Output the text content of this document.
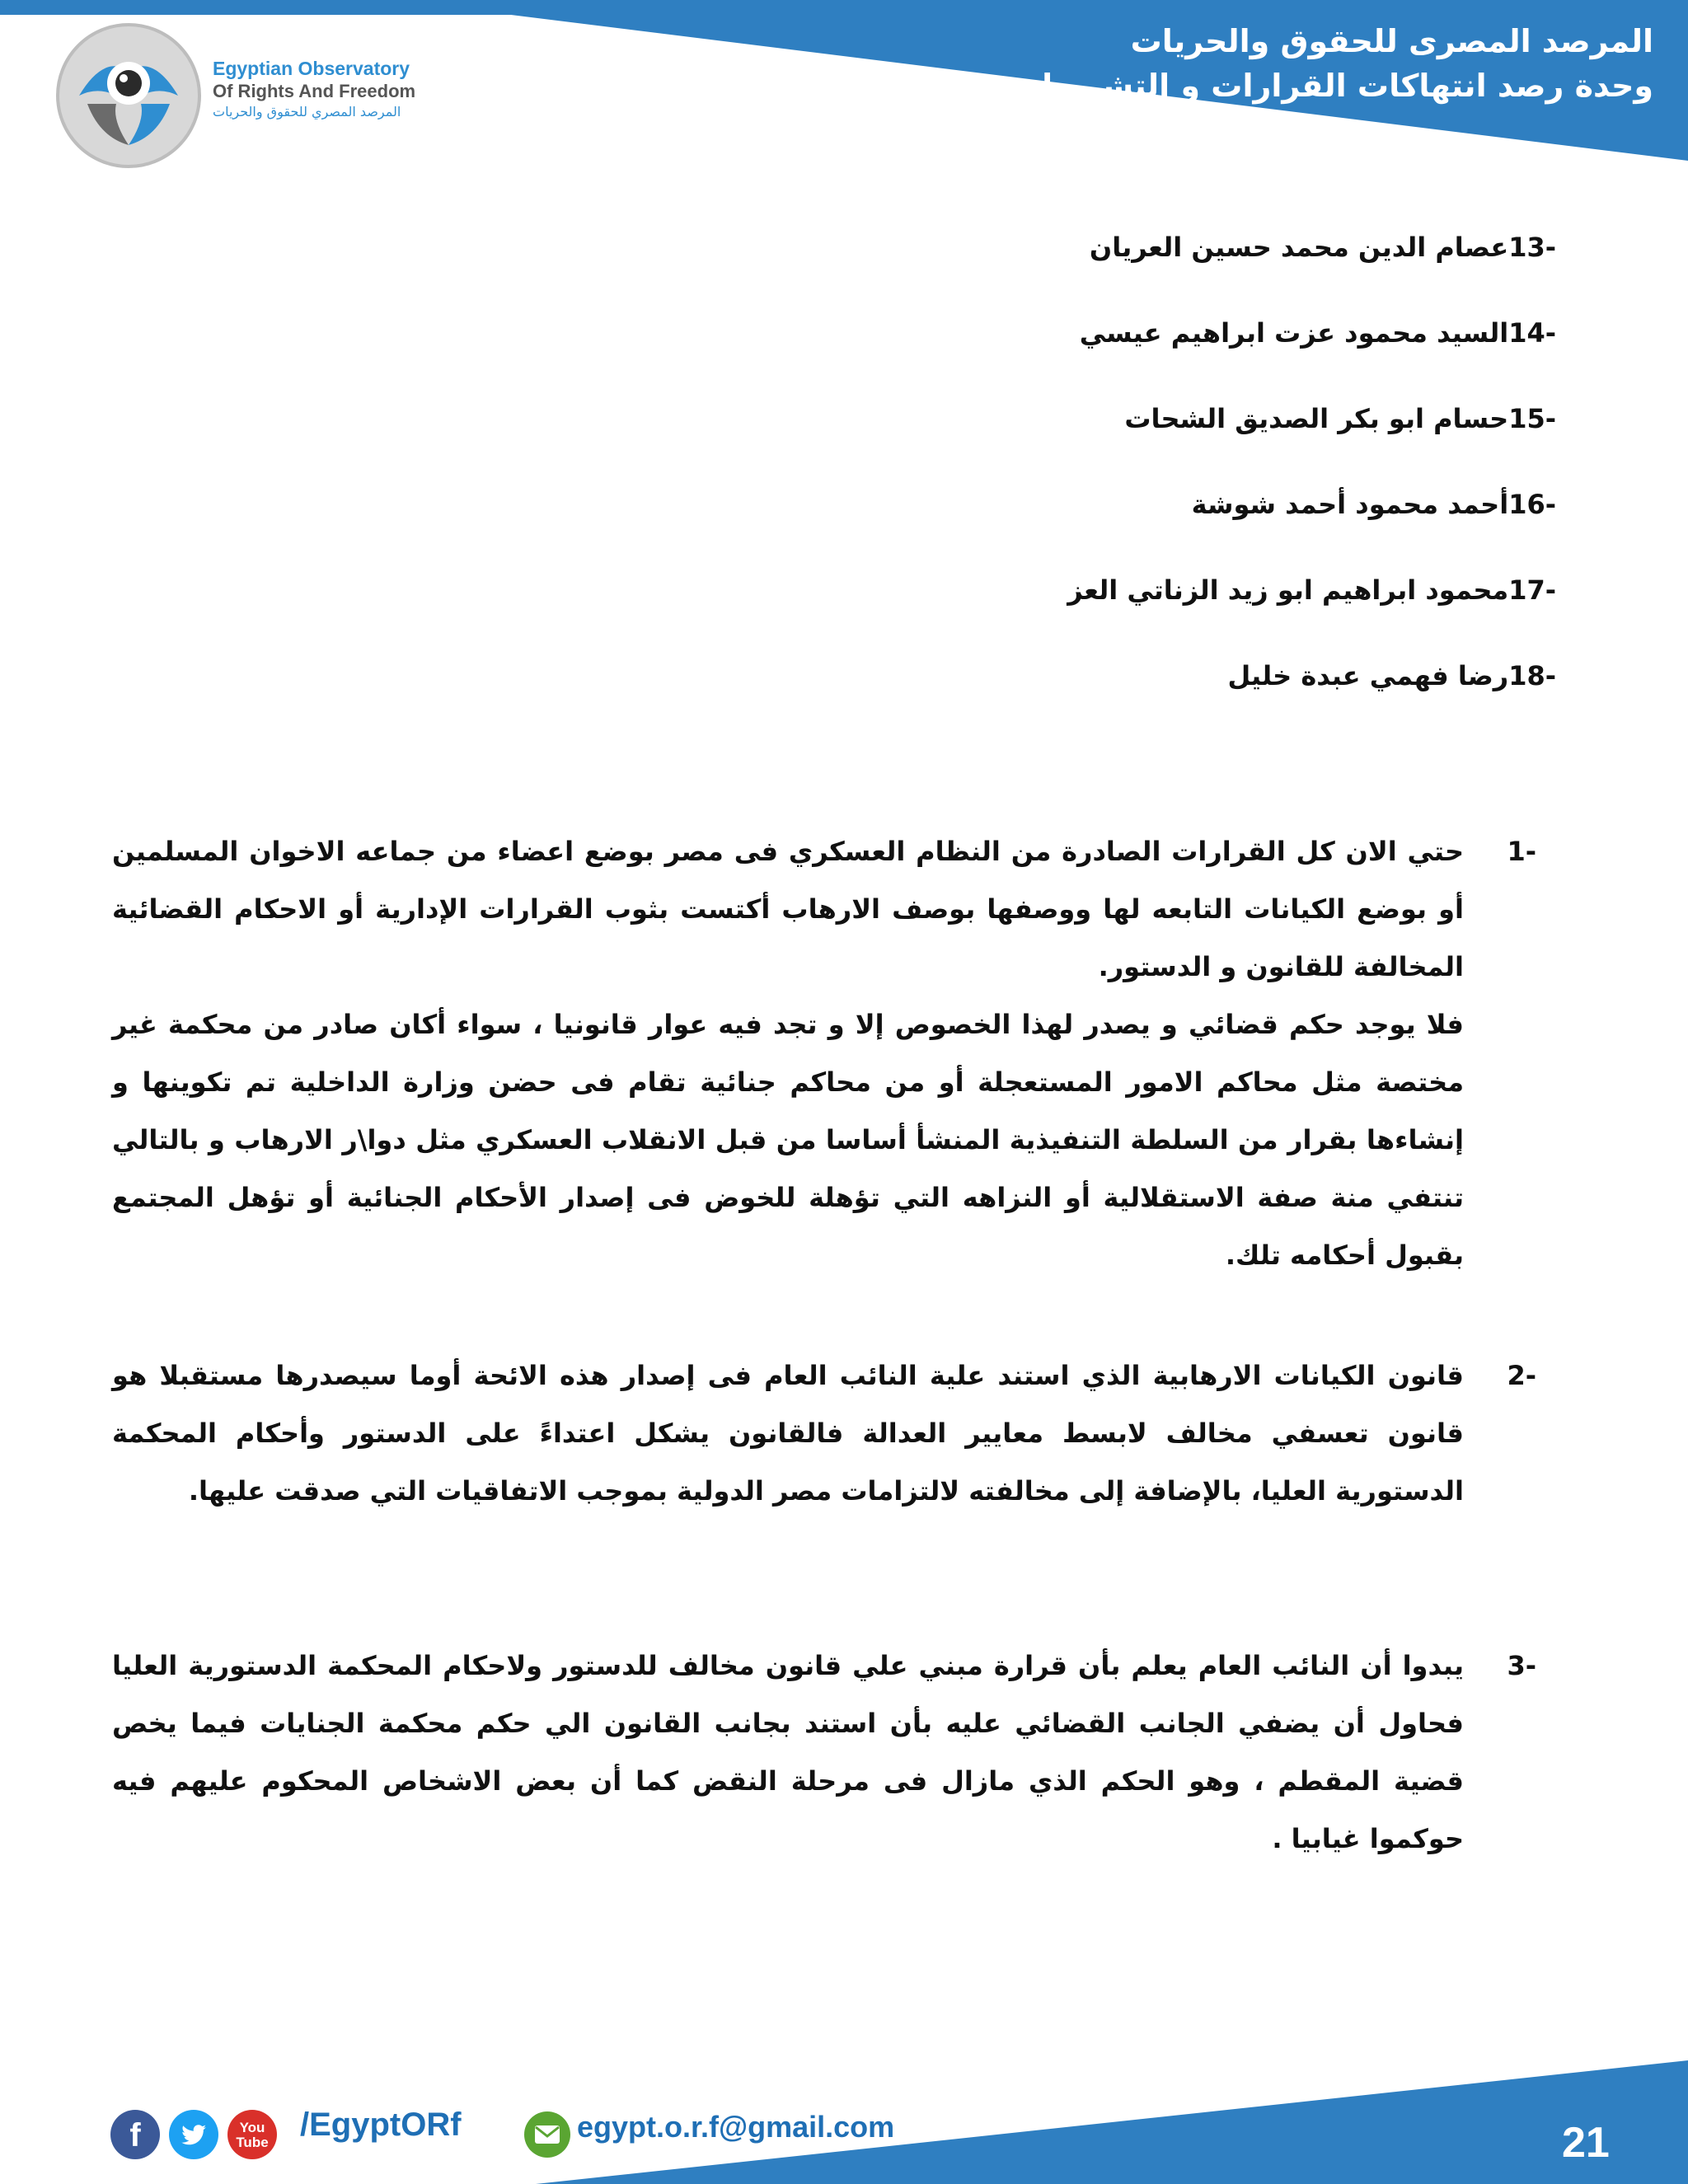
المرصد المصرى للحقوق والحريات
وحدة رصد انتهاكات القرارات و التشريعات

Egyptian Observatory

Of Rights And Freedom

المرصد المصري للحقوق والحريات
-13عصام الدين محمد حسين العريان
-14السيد محمود عزت ابراهيم عيسي
-15حسام ابو بكر الصديق الشحات
-16أحمد محمود أحمد شوشة
-17محمود ابراهيم ابو زيد الزناتي العز
-18رضا فهمي عبدة خليل
1-

حتي الان كل القرارات الصادرة من النظام العسكري فى مصر بوضع اعضاء من جماعه الاخوان المسلمين أو بوضع الكيانات التابعه لها ووصفها بوصف الارهاب أكتست بثوب القرارات الإدارية أو الاحكام القضائية المخالفة للقانون و الدستور.

فلا يوجد حكم قضائي و يصدر لهذا الخصوص إلا و تجد فيه عوار قانونيا ، سواء أكان صادر من محكمة غير مختصة مثل محاكم الامور المستعجلة أو من محاكم جنائية تقام فى حضن وزارة الداخلية تم تكوينها و إنشاءها بقرار من السلطة التنفيذية المنشأ أساسا من قبل الانقلاب العسكري مثل دوا\ر الارهاب و بالتالي تنتفي منة صفة الاستقلالية أو النزاهه التي تؤهلة للخوض فى إصدار الأحكام الجنائية أو تؤهل المجتمع بقبول أحكامه تلك.

2-

قانون الكيانات الارهابية الذي استند علية النائب العام فى إصدار هذه الائحة أوما سيصدرها مستقبلا هو قانون تعسفي مخالف لابسط معايير العدالة فالقانون يشكل اعتداءً على الدستور وأحكام المحكمة الدستورية العليا، بالإضافة إلى مخالفته لالتزامات مصر الدولية بموجب الاتفاقيات التي صدقت عليها.

3-

يبدوا أن النائب العام يعلم بأن قرارة مبني علي قانون مخالف للدستور ولاحكام المحكمة الدستورية العليا فحاول أن يضفي الجانب القضائي عليه بأن استند بجانب القانون الي حكم محكمة الجنايات فيما يخص قضية المقطم ، وهو الحكم الذي مازال فى مرحلة النقض كما أن بعض الاشخاص المحكوم عليهم فيه حوكموا غيابيا .

f	You
Tube /EgyptORf	egypt.o.r.f@gmail.com	21
